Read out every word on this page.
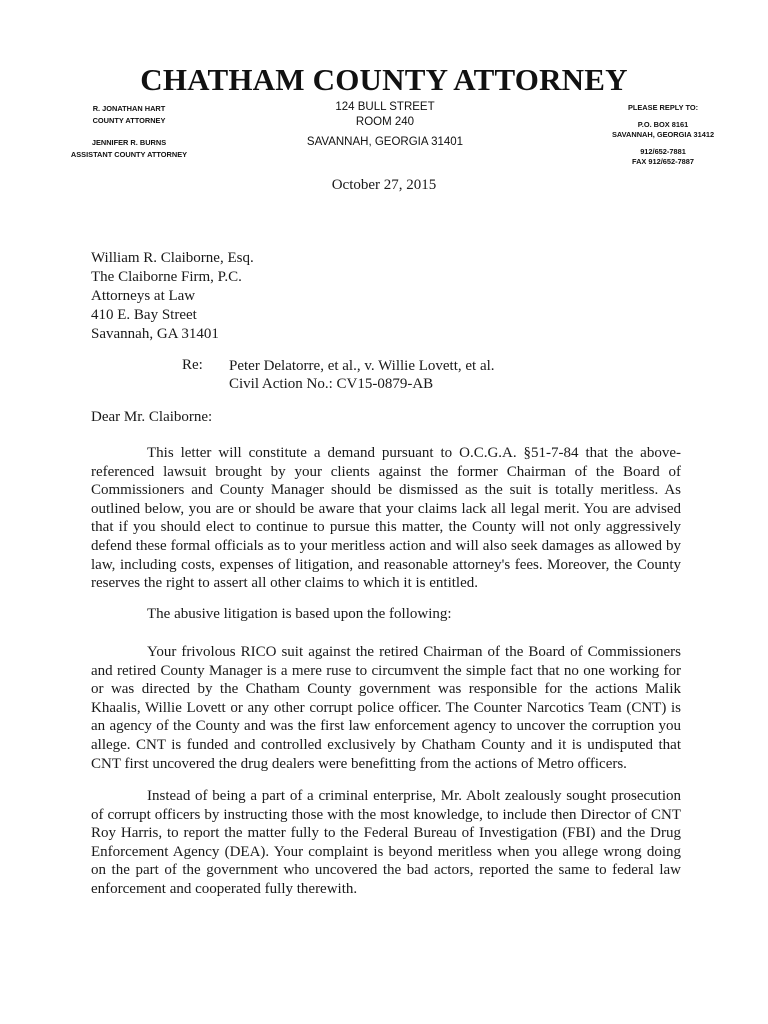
CHATHAM COUNTY ATTORNEY
R. JONATHAN HART
COUNTY ATTORNEY
JENNIFER R. BURNS
ASSISTANT COUNTY ATTORNEY
124 BULL STREET
ROOM 240
SAVANNAH, GEORGIA 31401
PLEASE REPLY TO:
P.O. BOX 8161
SAVANNAH, GEORGIA 31412
912/652-7881
FAX 912/652-7887
October 27, 2015
William R. Claiborne, Esq.
The Claiborne Firm, P.C.
Attorneys at Law
410 E. Bay Street
Savannah, GA 31401
Re: Peter Delatorre, et al., v. Willie Lovett, et al.
Civil Action No.: CV15-0879-AB
Dear Mr. Claiborne:

This letter will constitute a demand pursuant to O.C.G.A. §51-7-84 that the above-referenced lawsuit brought by your clients against the former Chairman of the Board of Commissioners and County Manager should be dismissed as the suit is totally meritless. As outlined below, you are or should be aware that your claims lack all legal merit. You are advised that if you should elect to continue to pursue this matter, the County will not only aggressively defend these formal officials as to your meritless action and will also seek damages as allowed by law, including costs, expenses of litigation, and reasonable attorney's fees. Moreover, the County reserves the right to assert all other claims to which it is entitled.

The abusive litigation is based upon the following:

Your frivolous RICO suit against the retired Chairman of the Board of Commissioners and retired County Manager is a mere ruse to circumvent the simple fact that no one working for or was directed by the Chatham County government was responsible for the actions Malik Khaalis, Willie Lovett or any other corrupt police officer. The Counter Narcotics Team (CNT) is an agency of the County and was the first law enforcement agency to uncover the corruption you allege. CNT is funded and controlled exclusively by Chatham County and it is undisputed that CNT first uncovered the drug dealers were benefitting from the actions of Metro officers.

Instead of being a part of a criminal enterprise, Mr. Abolt zealously sought prosecution of corrupt officers by instructing those with the most knowledge, to include then Director of CNT Roy Harris, to report the matter fully to the Federal Bureau of Investigation (FBI) and the Drug Enforcement Agency (DEA). Your complaint is beyond meritless when you allege wrong doing on the part of the government who uncovered the bad actors, reported the same to federal law enforcement and cooperated fully therewith.
